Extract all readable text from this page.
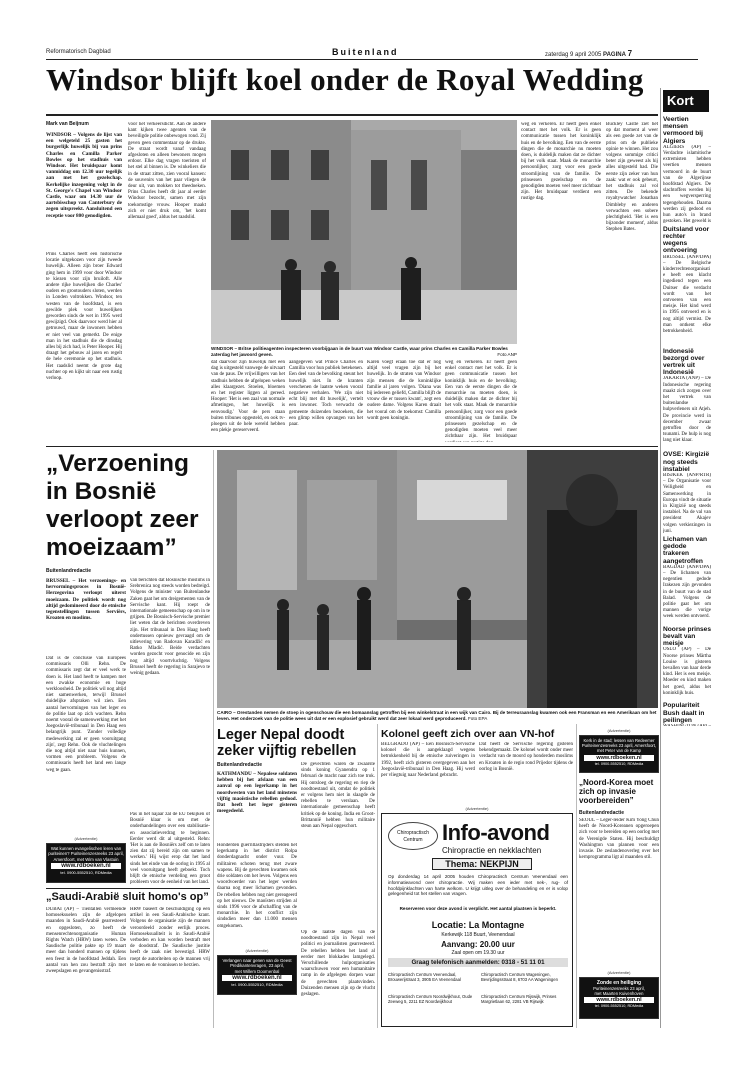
Reformatorisch Dagblad	Buitenland	zaterdag 9 april 2005 PAGINA 7
Windsor blijft koel onder de Royal Wedding
Mark van Beijnum
WINDSOR – Volgens de lijst van een welgeteld 25 gasten het burgerlijk huwelijk bij van prins Charles en Camilla Parker Bowles op het stadhuis van Windsor. Het bruidspaar komt vanmiddag om 12.30 uur tegelijk aan met het gezelschap. Kerkelijke inzegening volgt in de St. George's Chapel van Windsor Castle, waar om 14.30 uur de aartsbisschop van Canterbury de zegen uitspreekt. Aansluitend een receptie voor 800 genodigden.
Prins Charles heeft een historische locatie uitgekozen voor zijn tweede huwelijk. Alleen zijn broer Edward ging hem in 1999 voor door Windsor te kiezen voor zijn bruiloft. Alle andere rijke huwelijken die Charles' ouders en grootouders sloten, werden in Londen voltrokken. Windsor, ten westen van de hoofdstad, is een gewilde plek voor huwelijken geworden sinds de wet in 1995 werd gewijzigd. Ook daarvoor werd hier al getrouwd, maar de inwoners hebben er niet veel van gemerkt. De enige man in het stadhuis die de dinsdag alles bij zich had, is Peter Hooper. Hij draagt het gebouw al jaren en regelt de hele ceremonie op het stadhuis. Het raadslid neemt de grote dag nuchter op en kijkt uit naar een rustig verloop.
voor het verkeersdicht. Aan de andere kant kijken twee agenten van de beveiligde politie onbewogen rond. Zij geven geen commentaar op de drukte. De straat wordt vanaf vandaag afgesloten en alleen bewoners mogen erdoor. Elke dag vragen toeristen of het stel al binnen is. De winkeliers die in de straat zitten, zien vooral kansen: de souvenirs van het paar vliegen de deur uit, van mokken tot theedoeken. Prins Charles heeft dit jaar al eerder Windsor bezocht, samen met zijn toekomstige vrouw. Hooper maakt zich er niet druk om, 'het komt allemaal goed', aldus het raadslid.
WINDSOR – Britse politieagenten inspecteren voorbijgaan in de buurt van Windsor Castle, waar prins Charles en Camilla Parker Bowles zaterdag het jawoord geven.	Foto ANP
dat daarvoor zijn huwelijk met een dag is uitgesteld vanwege de uitvaart van de paus. De vrijwilligers van het stadhuis hebben de afgelopen weken alles klaargezet. Stoelen, bloemen en het register liggen al gereed. Hooper: 'Het is een zaal van normale afmetingen, het huwelijk is eenvoudig.' Voor de pers staan buiten tribunes opgesteld, en ook tv-ploegen uit de hele wereld hebben een plekje gereserveerd.
aangegeven wat Prince Charles en Camilla voor hun publiek betekenen. Een deel van de bevolking steunt het huwelijk niet. In de kranten verschenen de laatste weken vooral negatieve verhalen. 'We zijn niet echt blij met dit huwelijk', vertelt een inwoner. Toch verwacht de gemeente duizenden bezoekers, die een glimp willen opvangen van het paar.
Karen voegt eraan toe dat er nog altijd veel vragen zijn bij het huwelijk. In de straten van Windsor zijn mensen die de koninklijke familie al jaren volgen. 'Diana was bij iedereen geliefd, Camilla blijft de vrouw die er tussen kwam', zegt een oudere dame. Volgens Karen draait het vooral om de toekomst: Camilla wordt geen koningin.
weg en verkeren. Er heeft geen enkel contact met het volk. Er is geen communicatie tussen het koninklijk huis en de bevolking. Een van de eerste dingen die de monarchie nu moeten doen, is duidelijk maken dat ze dichter bij het volk staat. Maak de monarchie persoonlijker, zorg voor een goede stroomlijning van de familie. De prinsessen gezelschap en de genodigden moeten veel meer zichtbaar zijn. Het bruidspaar
weg en verkeren. Er heeft geen enkel contact met het volk. Er is geen communicatie tussen het koninklijk huis en de bevolking. Een van de eerste dingen die de monarchie nu moeten doen, is duidelijk maken dat ze dichter bij het volk staat. Maak de monarchie persoonlijker, zorg voor een goede stroomlijning van de familie. De prinsessen gezelschap en de genodigden moeten veel meer zichtbaar zijn. Het bruidspaar verdient een rustige dag.
Buckley Castle ziet het op dat moment al weer als een goede zet van de prins om de publieke opinie te winnen. Het zou volgens sommige critici beter zijn geweest als hij alles uitgesteld had. Die eerste zijn zeker van hun zaak: wat er ook gebeurt, het stadhuis zal vol zitten. De bekende royaltywatcher Jonathan Dimbleby en anderen verwachten een sobere plechtigheid. 'Het is een bijzonder moment', aldus Stephen Bates.
„Verzoening in Bosnië verloopt zeer moeizaam”
Buitenlandredactie
BRUSSEL – Het verzoenings- en hervormingsproces in Bosnië-Herzegovina verloopt uiterst moeizaam. De politiek wordt nog altijd gedomineerd door de etnische tegenstellingen tussen Serviërs, Kroaten en moslims.
Dat is de conclusie van Europees commissaris Olli Rehn. De commissaris zegt dat er veel werk te doen is. Het land heeft te kampen met een zwakke economie en hoge werkloosheid. De politiek wil nog altijd niet samenwerken, terwijl Brussel duidelijke afspraken wil zien. Een aantal hervormingen van het leger en de politie laat op zich wachten. Rehn noemt vooral de samenwerking met het Joegoslavië-tribunaal in Den Haag een belangrijk punt. 'Zonder volledige medewerking zal er geen vooruitgang zijn', zegt Rehn. Ook de vluchtelingen die nog altijd niet naar huis kunnen, vormen een probleem. Volgens de commissaris heeft het land een lange weg te gaan.
van berichten dat Bosnische moslims in Srebrenica nog steeds worden bedreigd. Volgens de minister van Buitenlandse Zaken gaat het om dreigementen van de Servische kant. Hij roept de internationale gemeenschap op om in te grijpen. De Bosnisch-Servische premier liet weten dat de berichten overdreven zijn. Het tribunaal in Den Haag heeft ondertussen opnieuw gevraagd om de uitlevering van Radovan Karadžić en Ratko Mladić. Beide verdachten worden gezocht voor genocide en zijn nog altijd voortvluchtig. Volgens Brussel heeft de regering in Sarajevo te weinig gedaan.
CAIRO – Orestanden nemen de stoep in ogenschouw die een bomaanslag getroffen bij een winkelstraat in een wijk van Cairo. Bij de terreuraanslag kwamen ook een Fransman en een Amerikaan om het leven. Het onderzoek van de politie wees uit dat er een explosief gebruikt werd dat zeer lokaal werd geproduceerd. Foto EPA
Pas in het najaar zal de EU bekijken of Bosnië klaar is om met de onderhandelingen over een stabilisatie- en associatieverdrag te beginnen. Eerder werd dit al uitgesteld. Rehn: 'Het is aan de Bosniërs zelf om te laten zien dat zij bereid zijn om samen te werken.' Hij wijst erop dat het land sinds het einde van de oorlog in 1995 al veel vooruitgang heeft geboekt. Toch blijft de etnische verdeling een groot probleem voor de eenheid van het land.
(Advertentie)
Wat kunnen evangelischen leren van
puriteinen? Puriteinenzesreeks 23 april,
Amersfoort, met Wim van Vlastuin
www.rdboeken.nl
tel. 0900-5552510, RDMedia
„Saudi-Arabië sluit homo's op”
DUBAI (AP) – Tientallen vermeende homoseksuelen zijn de afgelopen maanden in Saudi-Arabië gearresteerd en opgesloten, zo heeft de mensenrechtenorganisatie Human Rights Watch (HRW) laten weten. De Saudische politie pakte op 19 maart meer dan honderd mannen op tijdens een feest in de hoofdstad Jeddah. Een aantal van hen zou bestraft zijn met zweepslagen en gevangenisstraf.
HRW baseert de beschuldiging op een artikel in een Saudi-Arabische krant. Volgens de organisatie zijn de mannen veroordeeld zonder eerlijk proces. Homoseksualiteit is in Saudi-Arabië verboden en kan worden bestraft met de doodstraf. De Saudische justitie heeft de zaak niet bevestigd. HRW roept de autoriteiten op de mannen vrij te laten en de vonnissen te herzien.
Leger Nepal doodt zeker vijftig rebellen
Buitenlandredactie
KATHMANDU – Nepalese soldaten hebben bij het afslaan van een aanval op een legerkamp in het noordwesten van het land minstens vijftig maoïstische rebellen gedood. Dat heeft het leger gisteren meegedeeld.
Honderden guerrillastrijders stelden het legerkamp in het district Rolpa donderdagnacht onder vuur. De militairen schoten terug met zware wapens. Bij de gevechten kwamen ook drie soldaten om het leven. Volgens een woordvoerder van het leger werden daarna nog meer lichamen gevonden. De rebellen hebben nog niet gereageerd op het nieuws. De maoïsten strijden al sinds 1996 voor de afschaffing van de monarchie. In het conflict zijn sindsdien meer dan 11.000 mensen omgekomen.
De gevechten waren de zwaarste sinds koning Gyanendra op 1 februari de macht naar zich toe trok. Hij ontsloeg de regering en riep de noodtoestand uit, omdat de politiek er volgens hem niet in slaagde de rebellen te verslaan. De internationale gemeenschap heeft kritiek op de koning. India en Groot-Brittannië hebben hun militaire steun aan Nepal opgeschort.
Op de laatste dagen van de noodtoestand zijn in Nepal veel politici en journalisten gearresteerd. De rebellen hebben het land al eerder met blokkades lamgelegd. Verschillende hulporganisaties waarschuwen voor een humanitaire ramp in de afgelegen dorpen waar de gevechten plaatsvinden. Duizenden mensen zijn op de vlucht geslagen.
(Advertentie)
Verlangen naar genen van de Geest
Predikantenvragen, 23 april,
met Willem Doornenbal
www.rdboeken.nl
tel. 0900-5552510, RDMedia
Kolonel geeft zich over aan VN-hof
BELGRADO (AP) – Een Bosnisch-Servische kolonel die is aangeklaagd wegens betrokkenheid bij de etnische zuiveringen in 1992, heeft zich gisteren overgegeven aan het Joegoslavië-tribunaal in Den Haag. Hij werd per vliegtuig naar Nederland gebracht.
Dat heeft de Servische regering gisteren bekendgemaakt. De kolonel wordt onder meer verdacht van de moord op honderden moslims en Kroaten in de regio rond Prijedor tijdens de oorlog in Bosnië.
(Advertentie)
Chiropractisch Centrum Info-avond
Chiropractie en nekklachten
Thema: NEKPIJN
Op donderdag 14 april 2005 houden Chiropractisch Centrum Veenendaal een informatieavond over chiropractie. Wij maken een ieder met nek-, rug- of hoofdpijnklachten van harte welkom. U krijgt uitleg over de behandeling en er is volop gelegenheid tot het stellen van vragen.
Reserveren voor deze avond is verplicht. Het aantal plaatsen is beperkt.
Locatie: La Montagne
Kerkewijk 118 Buurt, Veenendaal
Aanvang: 20.00 uur
Zaal open om 19.30 uur
Graag telefonisch aanmelden: 0318 - 51 11 01
Chiropractisch Centrum Veenendaal, Brouwerijstraat 3, 3905 EA Veenendaal
Chiropractisch Centrum Wageningen, Bevrijdingsstraat 8, 6703 AA Wageningen
Chiropractisch Centrum Noordwijkhout, Oude Zeeweg 5, 2211 EZ Noordwijkhout
Chiropractisch Centrum Rijswijk, Prinses Margrietlaan 62, 2281 VB Rijswijk
Kort
Veertien mensen vermoord bij Algiers
ALGIERS (AP) – Verdachte islamitische extremisten hebben veertien mensen vermoord in de buurt van de Algerijnse hoofdstad Algiers. De slachtoffers werden bij een wegversperring tegengehouden. Daarna werden zij gedood en hun auto's in brand gestoken. Het geweld is
Duitsland voor rechter wegens ontvoering
BRUSSEL (ANP/DPA) – De Belgische kinderrechtenorganisatie heeft een klacht ingediend tegen een Duitser die verdacht wordt van het ontvoeren van een meisje. Het kind werd in 1995 ontvoerd en is nog altijd vermist. De man ontkent elke betrokkenheid.
Indonesië bezorgd over vertrek uit Indonesië
JAKARTA (ANP) – De Indonesische regering maakt zich zorgen over het vertrek van buitenlandse hulpverleners uit Atjeh. De provincie werd in december zwaar getroffen door de tsunami. De hulp is nog lang niet klaar.
OVSE: Kirgizië nog steeds instabiel
BISJKEK (ANP/RTR) – De Organisatie voor Veiligheid en Samenwerking in Europa vindt de situatie in Kirgizië nog steeds instabiel. Na de val van president Akajev volgen verkiezingen in juni.
Lichamen van gedode trakeren aangetroffen
BAGDAD (ANP/DPA) – De lichamen van negentien gedode Irakezen zijn gevonden in de buurt van de stad Balad. Volgens de politie gaat het om mannen die vorige week werden ontvoerd.
Noorse prinses bevalt van meisje
OSLO (AP) – De Noorse prinses Märtha Louise is gisteren bevallen van haar derde kind. Het is een meisje. Moeder en kind maken het goed, aldus het koninklijk huis.
Populariteit Bush daalt in peilingen
„Noord-Korea moet zich op invasie voorbereiden”
Buitenlandredactie
SEOUL – Leger-leider Kim Yong Chun heeft de Noord-Koreanen opgeroepen zich voor te bereiden op een oorlog met de Verenigde Staten. Hij beschuldigt Washington van plannen voor een invasie. De zeslandenoverleg over het kernprogramma ligt al maanden stil.
(Advertentie)
Kerk in de stad; lessen van Redeemer
Puriteinenzesreeks 23 april, Amersfoort,
met Peter van de Kamp
www.rdboeken.nl
tel. 0900-5552510, RDMedia
(Advertentie)
Zonde en heiliging
Puriteinenzesreeks 23 april,
met Maarten Kuivenhoven
www.rdboeken.nl
tel. 0900-5552510, RDMedia
